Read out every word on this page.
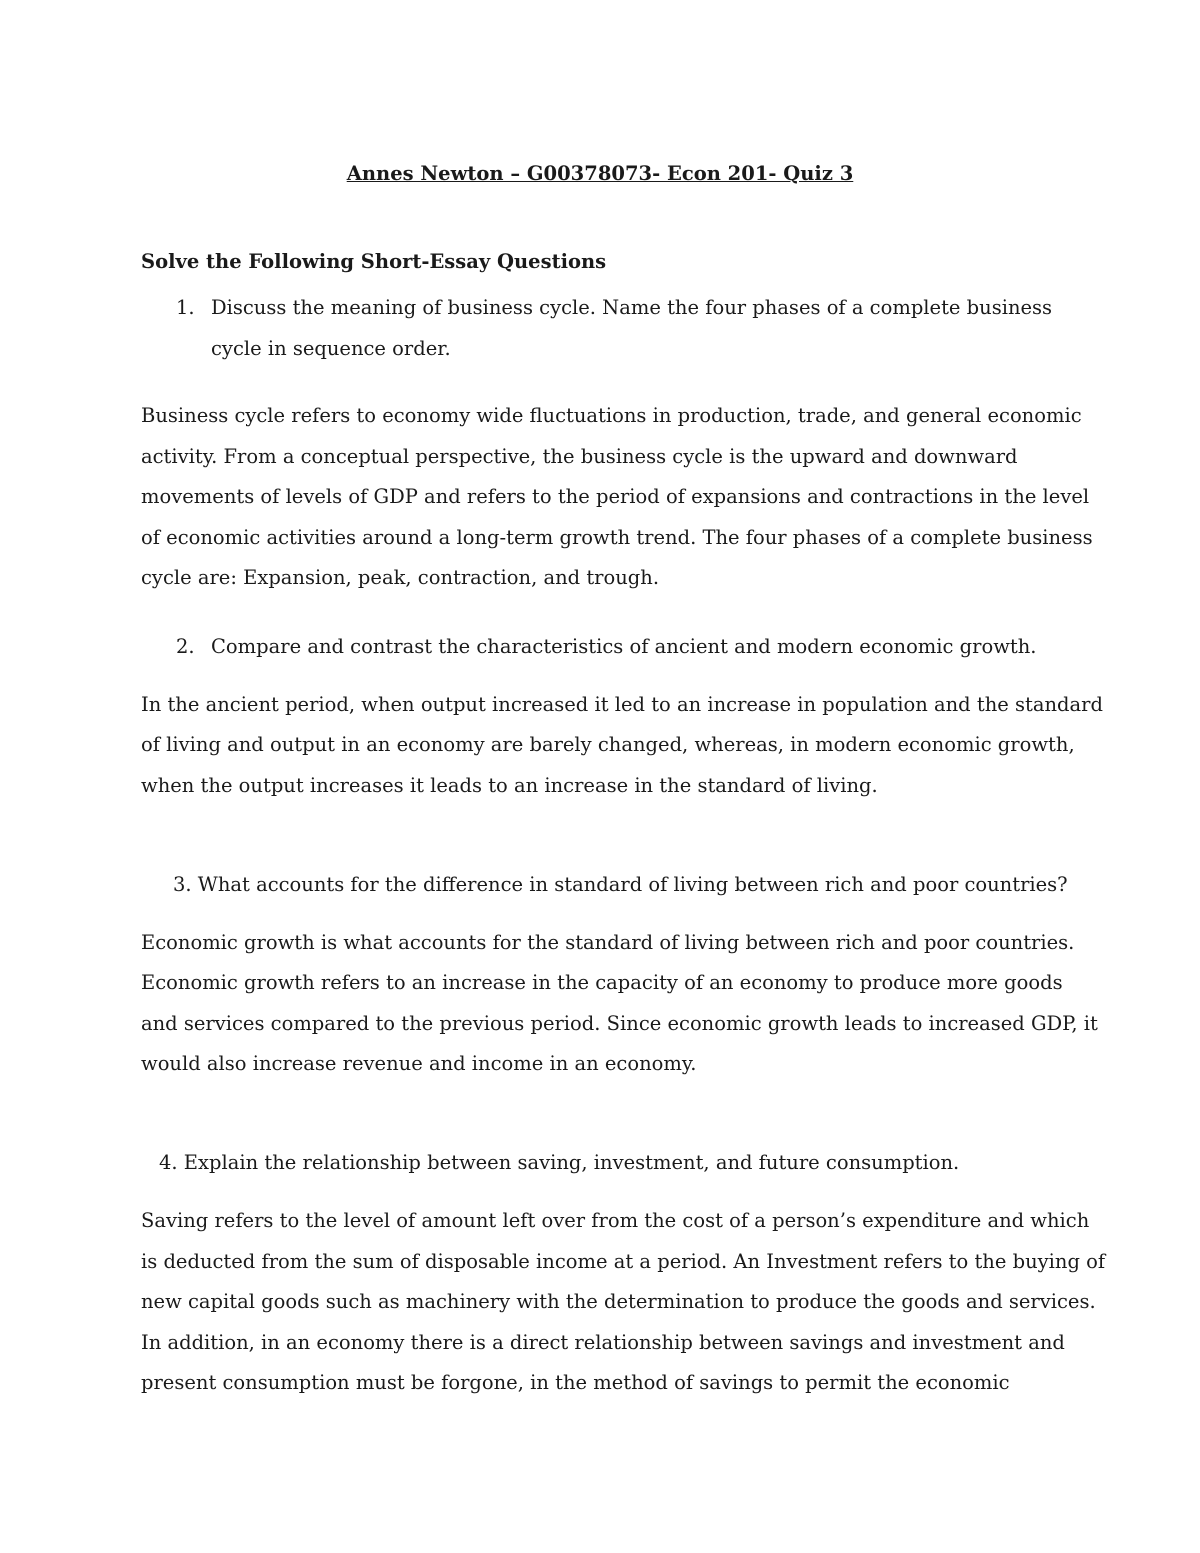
Annes Newton – G00378073- Econ 201- Quiz 3
Solve the Following Short-Essay Questions
1. Discuss the meaning of business cycle. Name the four phases of a complete business
cycle in sequence order.
Business cycle refers to economy wide fluctuations in production, trade, and general economic
activity. From a conceptual perspective, the business cycle is the upward and downward
movements of levels of GDP and refers to the period of expansions and contractions in the level
of economic activities around a long-term growth trend. The four phases of a complete business
cycle are: Expansion, peak, contraction, and trough.
2. Compare and contrast the characteristics of ancient and modern economic growth.
In the ancient period, when output increased it led to an increase in population and the standard
of living and output in an economy are barely changed, whereas, in modern economic growth,
when the output increases it leads to an increase in the standard of living.
3. What accounts for the difference in standard of living between rich and poor countries?
Economic growth is what accounts for the standard of living between rich and poor countries.
Economic growth refers to an increase in the capacity of an economy to produce more goods
and services compared to the previous period. Since economic growth leads to increased GDP, it
would also increase revenue and income in an economy.
4. Explain the relationship between saving, investment, and future consumption.
Saving refers to the level of amount left over from the cost of a person’s expenditure and which
is deducted from the sum of disposable income at a period. An Investment refers to the buying of
new capital goods such as machinery with the determination to produce the goods and services.
In addition, in an economy there is a direct relationship between savings and investment and
present consumption must be forgone, in the method of savings to permit the economic
